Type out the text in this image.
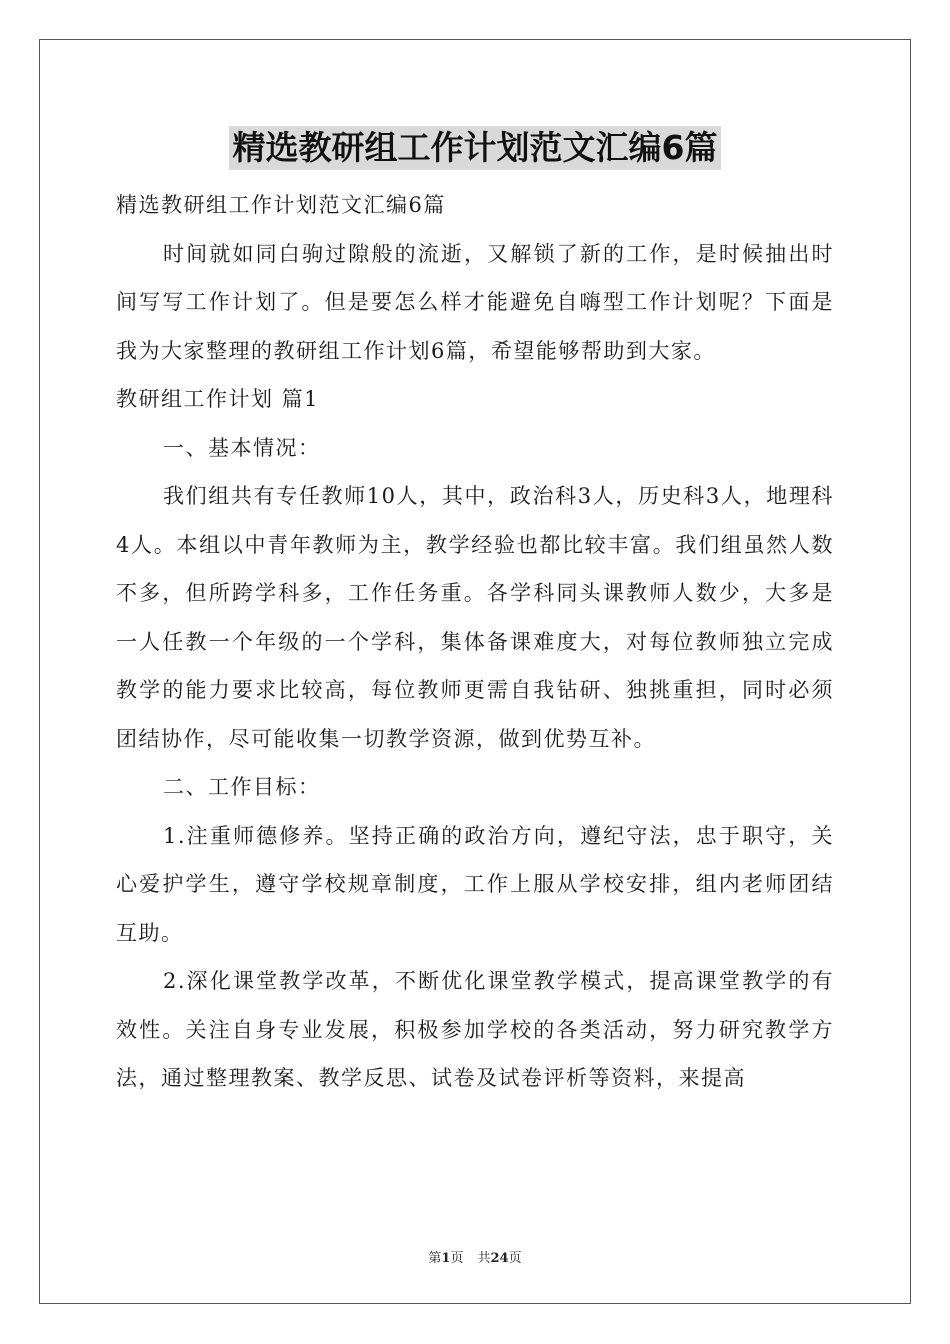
精选教研组工作计划范文汇编6篇

精选教研组工作计划范文汇编6篇

时间就如同白驹过隙般的流逝，又解锁了新的工作，是时候抽出时间写写工作计划了。但是要怎么样才能避免自嗨型工作计划呢？下面是我为大家整理的教研组工作计划6篇，希望能够帮助到大家。

教研组工作计划 篇1

一、基本情况：

我们组共有专任教师10人，其中，政治科3人，历史科3人，地理科4人。本组以中青年教师为主，教学经验也都比较丰富。我们组虽然人数不多，但所跨学科多，工作任务重。各学科同头课教师人数少，大多是一人任教一个年级的一个学科，集体备课难度大，对每位教师独立完成教学的能力要求比较高，每位教师更需自我钻研、独挑重担，同时必须团结协作，尽可能收集一切教学资源，做到优势互补。

二、工作目标：

1.注重师德修养。坚持正确的政治方向，遵纪守法，忠于职守，关心爱护学生，遵守学校规章制度，工作上服从学校安排，组内老师团结互助。

2.深化课堂教学改革，不断优化课堂教学模式，提高课堂教学的有效性。关注自身专业发展，积极参加学校的各类活动，努力研究教学方法，通过整理教案、教学反思、试卷及试卷评析等资料，来提高

第1页 共24页
